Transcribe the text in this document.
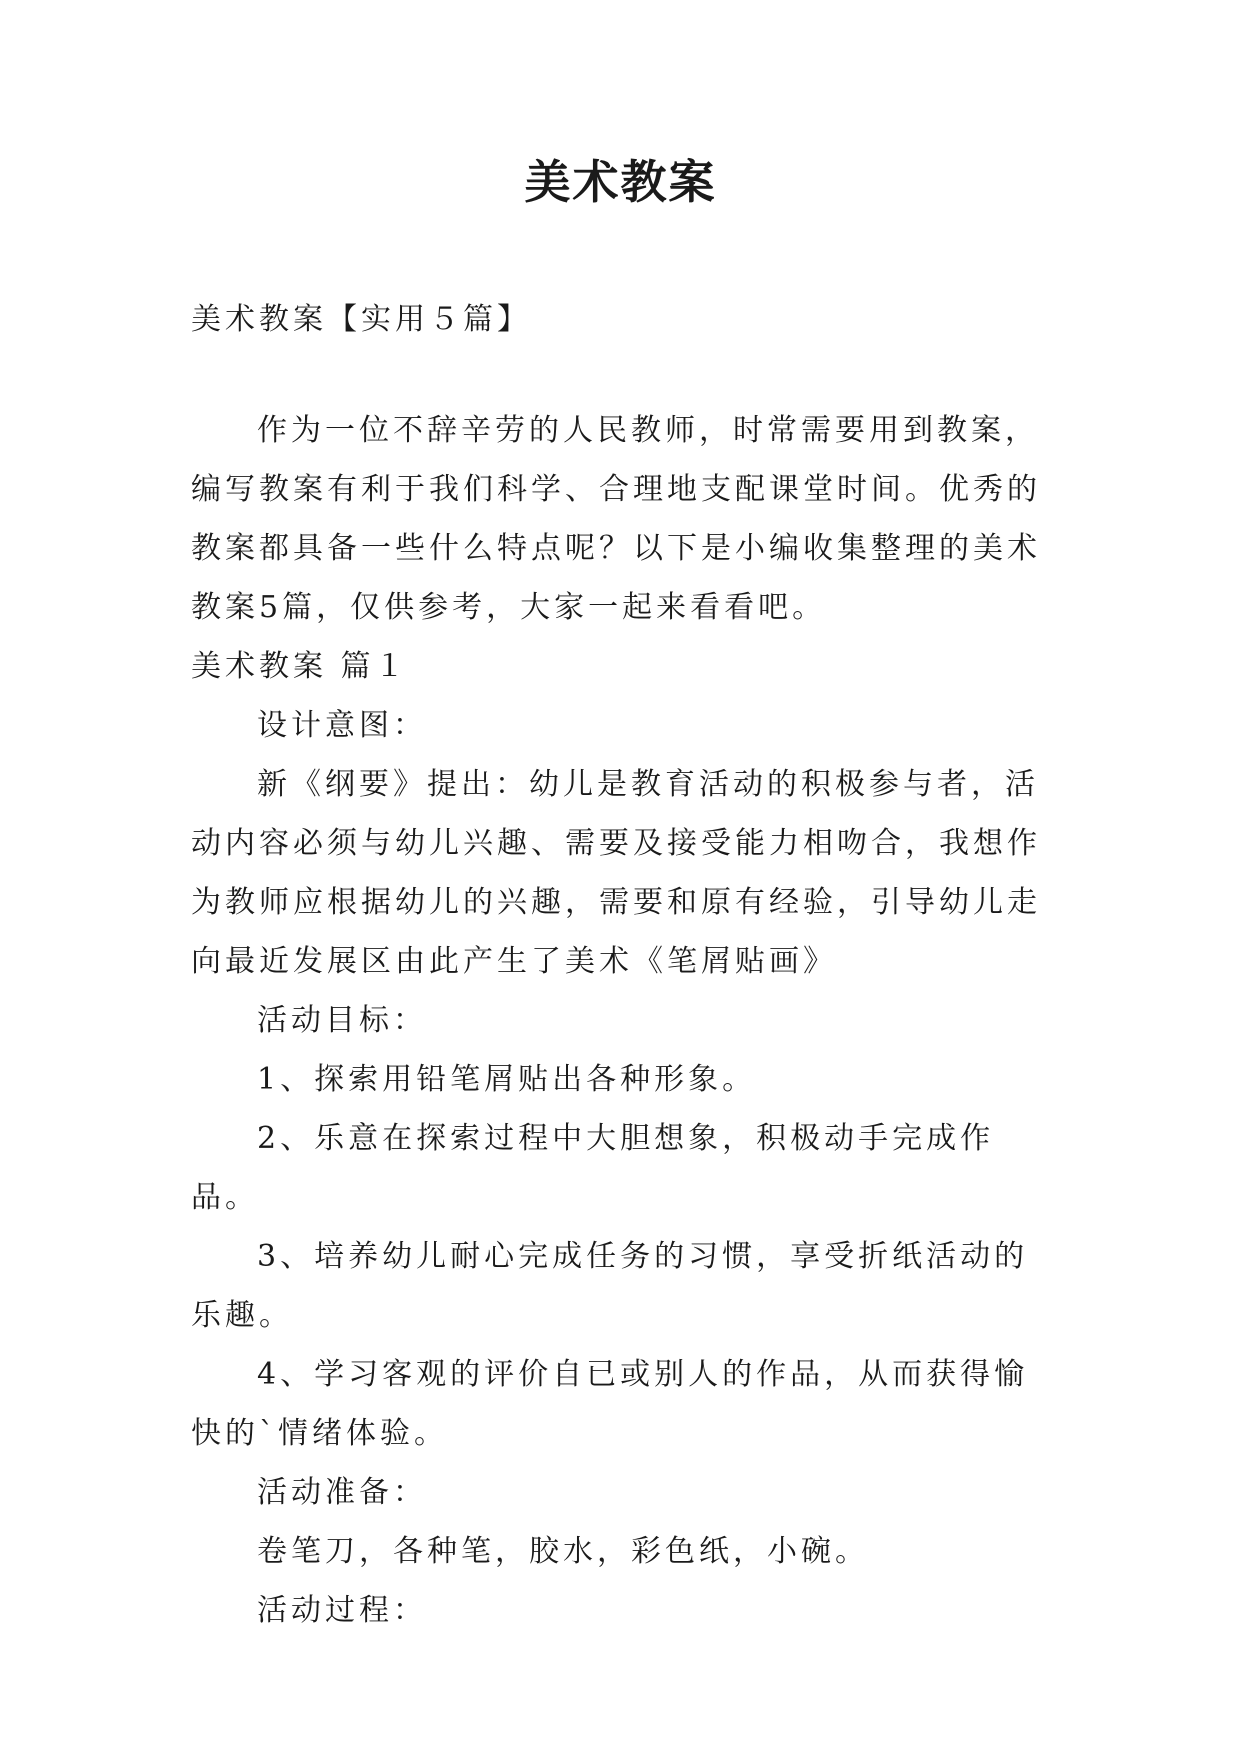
美术教案

美术教案【实用５篇】

作为一位不辞辛劳的人民教师，时常需要用到教案，编写教案有利于我们科学、合理地支配课堂时间。优秀的教案都具备一些什么特点呢？以下是小编收集整理的美术教案5篇，仅供参考，大家一起来看看吧。

美术教案 篇１

设计意图：

新《纲要》提出：幼儿是教育活动的积极参与者，活动内容必须与幼儿兴趣、需要及接受能力相吻合，我想作为教师应根据幼儿的兴趣，需要和原有经验，引导幼儿走向最近发展区由此产生了美术《笔屑贴画》

活动目标：

1、探索用铅笔屑贴出各种形象。

2、乐意在探索过程中大胆想象，积极动手完成作品。

3、培养幼儿耐心完成任务的习惯，享受折纸活动的乐趣。

4、学习客观的评价自已或别人的作品，从而获得愉快的`情绪体验。

活动准备：

卷笔刀，各种笔，胶水，彩色纸，小碗。

活动过程：
